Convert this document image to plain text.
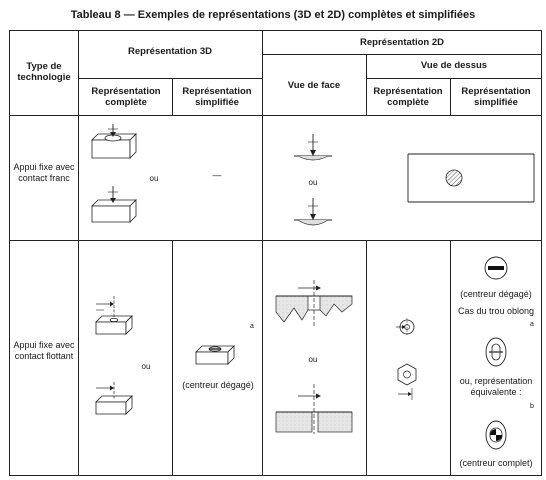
Tableau 8 — Exemples de représentations (3D et 2D) complètes et simplifiées
Type de technologie
Représentation 3D
Représentation 2D
Vue de face
Vue de dessus
Représentation complète
Représentation simplifiée
Représentation complète
Représentation simplifiée
Appui fixe avec contact franc	ou	—
ou
Appui fixe avec contact flottant
ou
a
(centreur dégagé)
ou
(centreur dégagé)
Cas du trou oblong
a
ou, représentation équivalente :
b
(centreur complet)
